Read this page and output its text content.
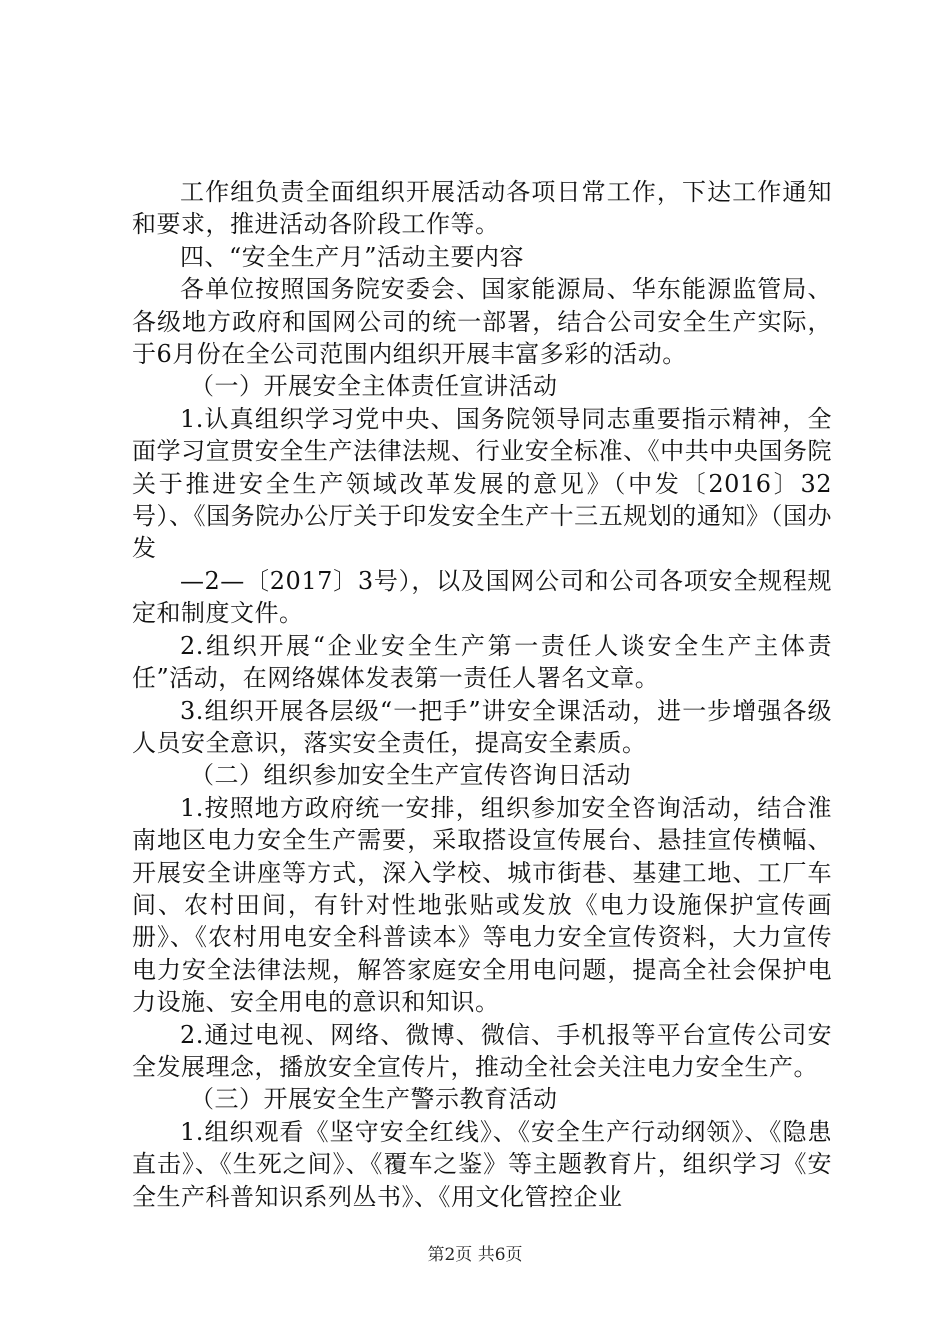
工作组负责全面组织开展活动各项日常工作，下达工作通知和要求，推进活动各阶段工作等。

四、“安全生产月”活动主要内容

各单位按照国务院安委会、国家能源局、华东能源监管局、各级地方政府和国网公司的统一部署，结合公司安全生产实际，于6月份在全公司范围内组织开展丰富多彩的活动。

（一）开展安全主体责任宣讲活动

1.认真组织学习党中央、国务院领导同志重要指示精神，全面学习宣贯安全生产法律法规、行业安全标准、《中共中央国务院关于推进安全生产领域改革发展的意见》（中发〔2016〕32号）、《国务院办公厅关于印发安全生产十三五规划的通知》（国办发

—2—〔2017〕3号），以及国网公司和公司各项安全规程规定和制度文件。

2.组织开展“企业安全生产第一责任人谈安全生产主体责任”活动，在网络媒体发表第一责任人署名文章。

3.组织开展各层级“一把手”讲安全课活动，进一步增强各级人员安全意识，落实安全责任，提高安全素质。

（二）组织参加安全生产宣传咨询日活动

1.按照地方政府统一安排，组织参加安全咨询活动，结合淮南地区电力安全生产需要，采取搭设宣传展台、悬挂宣传横幅、开展安全讲座等方式，深入学校、城市街巷、基建工地、工厂车间、农村田间，有针对性地张贴或发放《电力设施保护宣传画册》、《农村用电安全科普读本》等电力安全宣传资料，大力宣传电力安全法律法规，解答家庭安全用电问题，提高全社会保护电力设施、安全用电的意识和知识。

2.通过电视、网络、微博、微信、手机报等平台宣传公司安全发展理念，播放安全宣传片，推动全社会关注电力安全生产。

（三）开展安全生产警示教育活动

1.组织观看《坚守安全红线》、《安全生产行动纲领》、《隐患直击》、《生死之间》、《覆车之鉴》等主题教育片，组织学习《安全生产科普知识系列丛书》、《用文化管控企业

第2页 共6页
